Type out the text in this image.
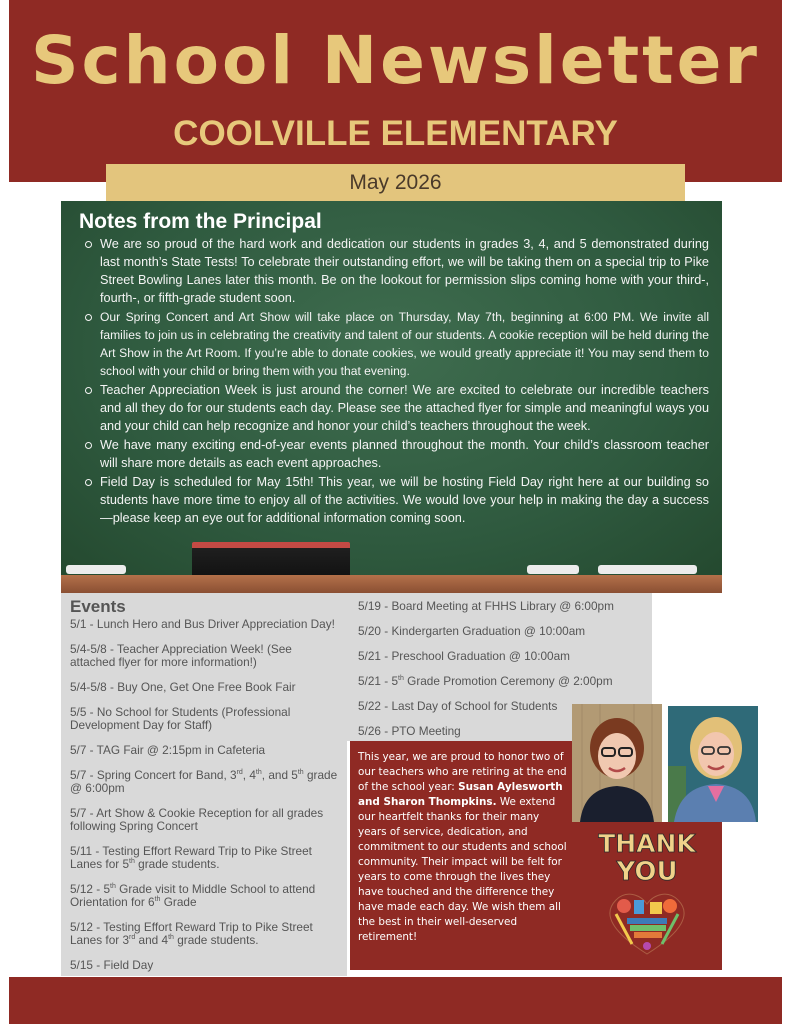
School Newsletter
COOLVILLE ELEMENTARY
May 2026
Notes from the Principal
We are so proud of the hard work and dedication our students in grades 3, 4, and 5 demonstrated during last month’s State Tests! To celebrate their outstanding effort, we will be taking them on a special trip to Pike Street Bowling Lanes later this month. Be on the lookout for permission slips coming home with your third-, fourth-, or fifth-grade student soon.
Our Spring Concert and Art Show will take place on Thursday, May 7th, beginning at 6:00 PM. We invite all families to join us in celebrating the creativity and talent of our students. A cookie reception will be held during the Art Show in the Art Room. If you’re able to donate cookies, we would greatly appreciate it! You may send them to school with your child or bring them with you that evening.
Teacher Appreciation Week is just around the corner! We are excited to celebrate our incredible teachers and all they do for our students each day. Please see the attached flyer for simple and meaningful ways you and your child can help recognize and honor your child’s teachers throughout the week.
We have many exciting end-of-year events planned throughout the month. Your child’s classroom teacher will share more details as each event approaches.
Field Day is scheduled for May 15th! This year, we will be hosting Field Day right here at our building so students have more time to enjoy all of the activities. We would love your help in making the day a success—please keep an eye out for additional information coming soon.
Events
5/1 - Lunch Hero and Bus Driver Appreciation Day!
5/4-5/8 - Teacher Appreciation Week! (See attached flyer for more information!)
5/4-5/8 - Buy One, Get One Free Book Fair
5/5 - No School for Students (Professional Development Day for Staff)
5/7 - TAG Fair @ 2:15pm in Cafeteria
5/7 - Spring Concert for Band, 3rd, 4th, and 5th grade @ 6:00pm
5/7 - Art Show & Cookie Reception for all grades following Spring Concert
5/11 - Testing Effort Reward Trip to Pike Street Lanes for 5th grade students.
5/12 - 5th Grade visit to Middle School to attend Orientation for 6th Grade
5/12 - Testing Effort Reward Trip to Pike Street Lanes for 3rd and 4th grade students.
5/15 - Field Day
5/19 - Board Meeting at FHHS Library @ 6:00pm
5/20 - Kindergarten Graduation @ 10:00am
5/21 - Preschool Graduation @ 10:00am
5/21 - 5th Grade Promotion Ceremony @ 2:00pm
5/22 - Last Day of School for Students
5/26 - PTO Meeting

This year, we are proud to honor two of our teachers who are retiring at the end of the school year: Susan Aylesworth and Sharon Thompkins. We extend our heartfelt thanks for their many years of service, dedication, and commitment to our students and school community. Their impact will be felt for years to come through the lives they have touched and the difference they have made each day. We wish them all the best in their well-deserved retirement!

THANK
YOU
